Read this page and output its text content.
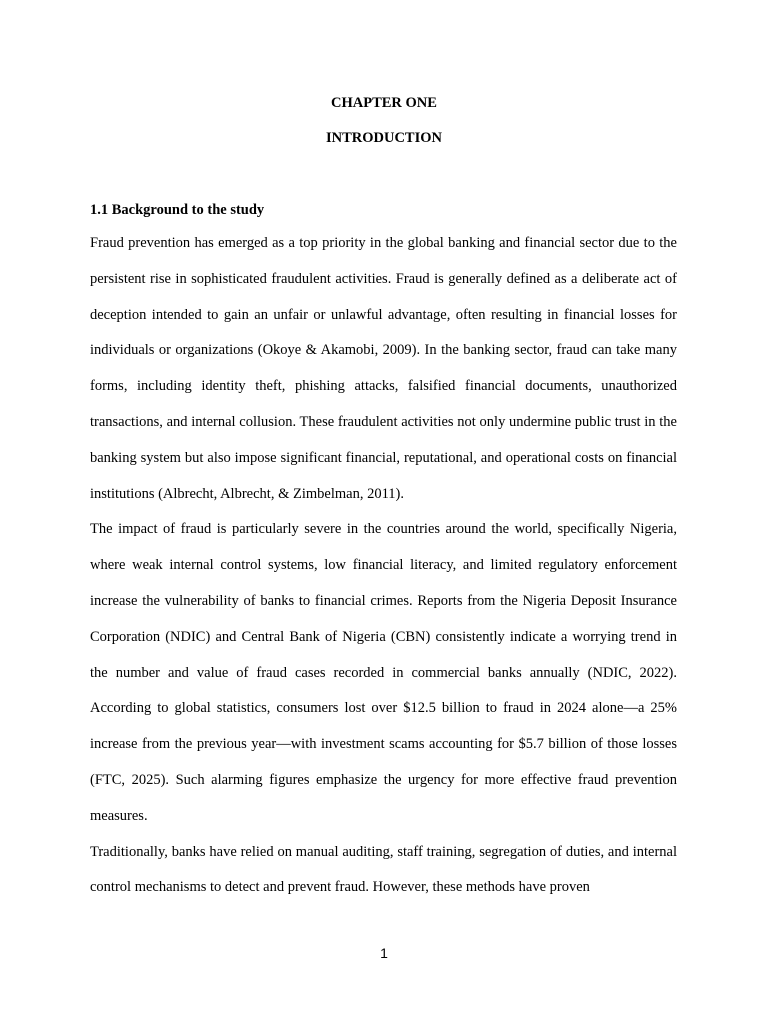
CHAPTER ONE
INTRODUCTION
1.1 Background to the study

Fraud prevention has emerged as a top priority in the global banking and financial sector due to the persistent rise in sophisticated fraudulent activities. Fraud is generally defined as a deliberate act of deception intended to gain an unfair or unlawful advantage, often resulting in financial losses for individuals or organizations (Okoye & Akamobi, 2009). In the banking sector, fraud can take many forms, including identity theft, phishing attacks, falsified financial documents, unauthorized transactions, and internal collusion. These fraudulent activities not only undermine public trust in the banking system but also impose significant financial, reputational, and operational costs on financial institutions (Albrecht, Albrecht, & Zimbelman, 2011).

The impact of fraud is particularly severe in the countries around the world, specifically Nigeria, where weak internal control systems, low financial literacy, and limited regulatory enforcement increase the vulnerability of banks to financial crimes. Reports from the Nigeria Deposit Insurance Corporation (NDIC) and Central Bank of Nigeria (CBN) consistently indicate a worrying trend in the number and value of fraud cases recorded in commercial banks annually (NDIC, 2022). According to global statistics, consumers lost over $12.5 billion to fraud in 2024 alone—a 25% increase from the previous year—with investment scams accounting for $5.7 billion of those losses (FTC, 2025). Such alarming figures emphasize the urgency for more effective fraud prevention measures.

Traditionally, banks have relied on manual auditing, staff training, segregation of duties, and internal control mechanisms to detect and prevent fraud. However, these methods have proven

1
